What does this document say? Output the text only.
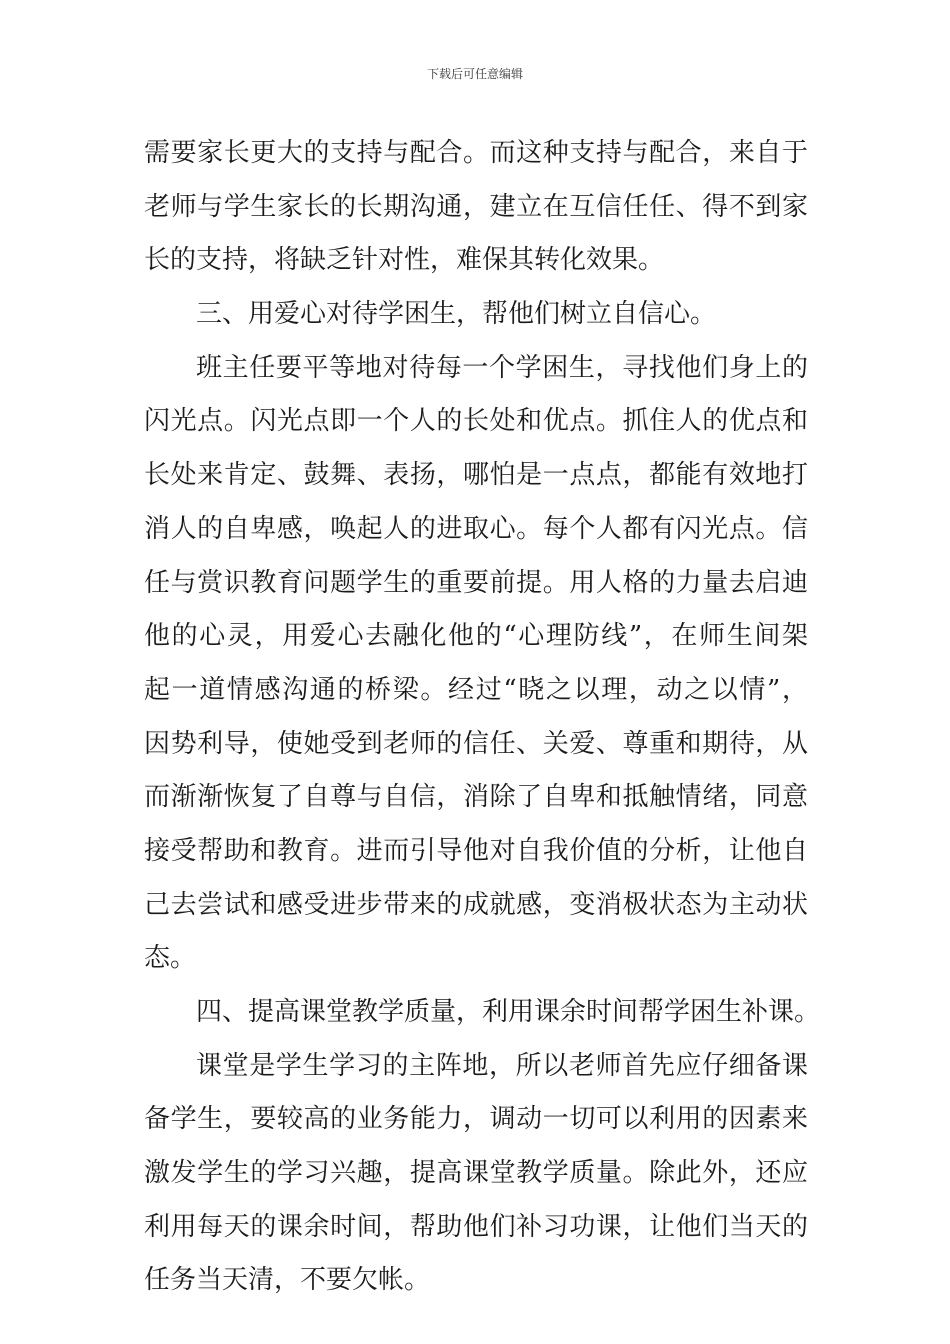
下载后可任意编辑
需要家长更大的支持与配合。而这种支持与配合，来自于
老师与学生家长的长期沟通，建立在互信任任、得不到家
长的支持，将缺乏针对性，难保其转化效果。
三、用爱心对待学困生，帮他们树立自信心。
班主任要平等地对待每一个学困生，寻找他们身上的
闪光点。闪光点即一个人的长处和优点。抓住人的优点和
长处来肯定、鼓舞、表扬，哪怕是一点点，都能有效地打
消人的自卑感，唤起人的进取心。每个人都有闪光点。信
任与赏识教育问题学生的重要前提。用人格的力量去启迪
他的心灵，用爱心去融化他的“心理防线”，在师生间架
起一道情感沟通的桥梁。经过“晓之以理，动之以情”，
因势利导，使她受到老师的信任、关爱、尊重和期待，从
而渐渐恢复了自尊与自信，消除了自卑和抵触情绪，同意
接受帮助和教育。进而引导他对自我价值的分析，让他自
己去尝试和感受进步带来的成就感，变消极状态为主动状
态。
四、提高课堂教学质量，利用课余时间帮学困生补课。
课堂是学生学习的主阵地，所以老师首先应仔细备课
备学生，要较高的业务能力，调动一切可以利用的因素来
激发学生的学习兴趣，提高课堂教学质量。除此外，还应
利用每天的课余时间，帮助他们补习功课，让他们当天的
任务当天清，不要欠帐。
